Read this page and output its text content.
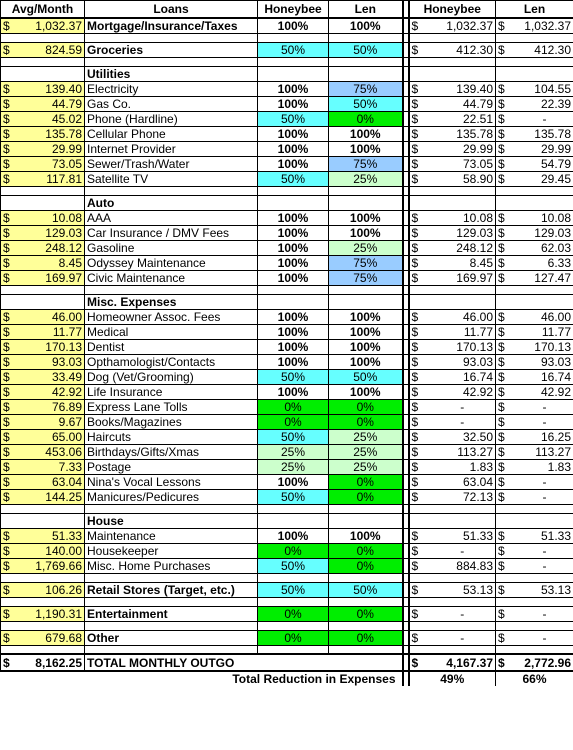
Avg/Month	Loans	Honeybee	Len		Honeybee	Len

$ 1,032.37	Mortgage/Insurance/Taxes	100%	100%		$ 1,032.37	$ 1,032.37

$ 824.59	Groceries	50%	50%		$ 412.30	$ 412.30

	Utilities					

$ 139.40	Electricity	100%	75%		$ 139.40	$ 104.55

$ 44.79	Gas Co.	100%	50%		$ 44.79	$ 22.39

$ 45.02	Phone (Hardline)	50%	0%		$ 22.51	$ -

$ 135.78	Cellular Phone	100%	100%		$ 135.78	$ 135.78

$ 29.99	Internet Provider	100%	100%		$ 29.99	$ 29.99

$ 73.05	Sewer/Trash/Water	100%	75%		$ 73.05	$ 54.79

$ 117.81	Satellite TV	50%	25%		$ 58.90	$ 29.45

	Auto					

$ 10.08	AAA	100%	100%		$ 10.08	$ 10.08

$ 129.03	Car Insurance / DMV Fees	100%	100%		$ 129.03	$ 129.03

$ 248.12	Gasoline	100%	25%		$ 248.12	$ 62.03

$ 8.45	Odyssey Maintenance	100%	75%		$ 8.45	$ 6.33

$ 169.97	Civic Maintenance	100%	75%		$ 169.97	$ 127.47

	Misc. Expenses					

$ 46.00	Homeowner Assoc. Fees	100%	100%		$ 46.00	$ 46.00

$ 11.77	Medical	100%	100%		$ 11.77	$ 11.77

$ 170.13	Dentist	100%	100%		$ 170.13	$ 170.13

$ 93.03	Opthamologist/Contacts	100%	100%		$ 93.03	$ 93.03

$ 33.49	Dog (Vet/Grooming)	50%	50%		$ 16.74	$ 16.74

$ 42.92	Life Insurance	100%	100%		$ 42.92	$ 42.92

$ 76.89	Express Lane Tolls	0%	0%		$ -	$ -

$ 9.67	Books/Magazines	0%	0%		$ -	$ -

$ 65.00	Haircuts	50%	25%		$ 32.50	$ 16.25

$ 453.06	Birthdays/Gifts/Xmas	25%	25%		$ 113.27	$ 113.27

$ 7.33	Postage	25%	25%		$ 1.83	$ 1.83

$ 63.04	Nina's Vocal Lessons	100%	0%		$ 63.04	$ -

$ 144.25	Manicures/Pedicures	50%	0%		$ 72.13	$ -

	House					

$ 51.33	Maintenance	100%	100%		$ 51.33	$ 51.33

$ 140.00	Housekeeper	0%	0%		$ -	$ -

$ 1,769.66	Misc. Home Purchases	50%	0%		$ 884.83	$ -

$ 106.26	Retail Stores (Target, etc.)	50%	50%		$ 53.13	$ 53.13

$ 1,190.31	Entertainment	0%	0%		$ -	$ -

$ 679.68	Other	0%	0%		$ -	$ -

$ 8,162.25	TOTAL MONTHLY OUTGO				$ 4,167.37	$ 2,772.96

Total Reduction in Expenses					49%	66%
